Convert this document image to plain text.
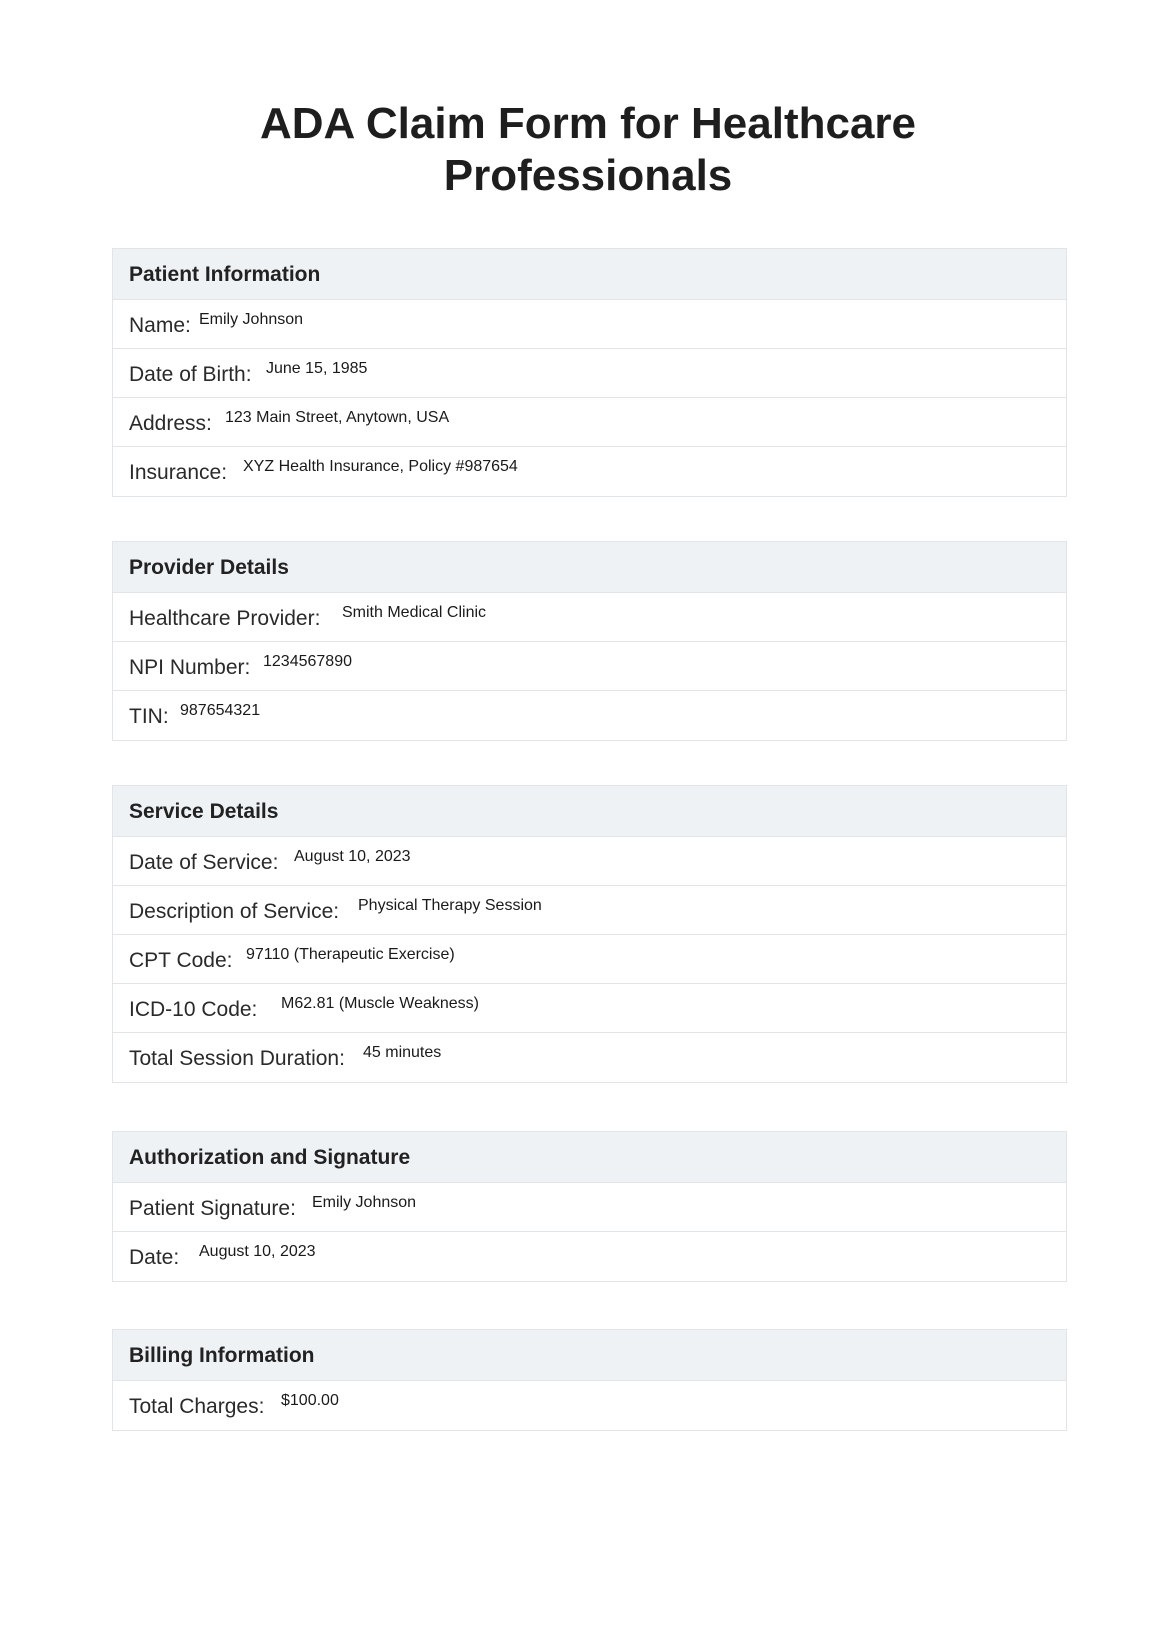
ADA Claim Form for Healthcare
Professionals
Patient Information
Name: Emily Johnson
Date of Birth: June 15, 1985
Address: 123 Main Street, Anytown, USA
Insurance: XYZ Health Insurance, Policy #987654
Provider Details
Healthcare Provider: Smith Medical Clinic
NPI Number: 1234567890
TIN: 987654321
Service Details
Date of Service: August 10, 2023
Description of Service: Physical Therapy Session
CPT Code: 97110 (Therapeutic Exercise)
ICD-10 Code: M62.81 (Muscle Weakness)
Total Session Duration: 45 minutes
Authorization and Signature
Patient Signature: Emily Johnson
Date: August 10, 2023
Billing Information
Total Charges: $100.00
